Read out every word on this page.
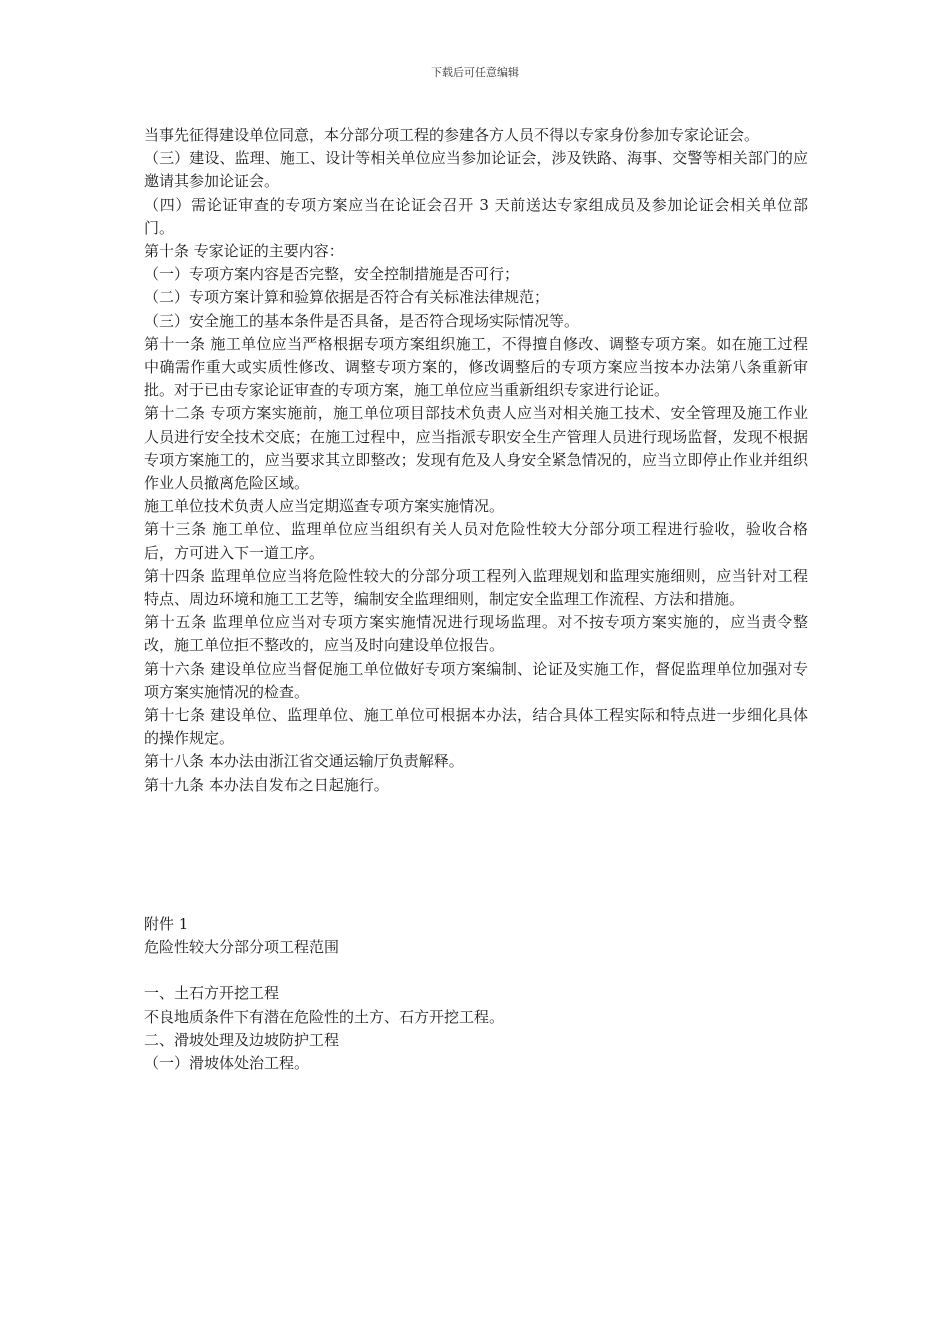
下载后可任意编辑

当事先征得建设单位同意，本分部分项工程的参建各方人员不得以专家身份参加专家论证会。

（三）建设、监理、施工、设计等相关单位应当参加论证会，涉及铁路、海事、交警等相关部门的应邀请其参加论证会。

（四）需论证审查的专项方案应当在论证会召开 3 天前送达专家组成员及参加论证会相关单位部门。

第十条 专家论证的主要内容：

（一）专项方案内容是否完整，安全控制措施是否可行；

（二）专项方案计算和验算依据是否符合有关标准法律规范；

（三）安全施工的基本条件是否具备，是否符合现场实际情况等。

第十一条 施工单位应当严格根据专项方案组织施工，不得擅自修改、调整专项方案。如在施工过程中确需作重大或实质性修改、调整专项方案的，修改调整后的专项方案应当按本办法第八条重新审批。对于已由专家论证审查的专项方案，施工单位应当重新组织专家进行论证。

第十二条 专项方案实施前，施工单位项目部技术负责人应当对相关施工技术、安全管理及施工作业人员进行安全技术交底；在施工过程中，应当指派专职安全生产管理人员进行现场监督，发现不根据专项方案施工的，应当要求其立即整改；发现有危及人身安全紧急情况的，应当立即停止作业并组织作业人员撤离危险区域。

施工单位技术负责人应当定期巡查专项方案实施情况。

第十三条 施工单位、监理单位应当组织有关人员对危险性较大分部分项工程进行验收，验收合格后，方可进入下一道工序。

第十四条 监理单位应当将危险性较大的分部分项工程列入监理规划和监理实施细则，应当针对工程特点、周边环境和施工工艺等，编制安全监理细则，制定安全监理工作流程、方法和措施。

第十五条 监理单位应当对专项方案实施情况进行现场监理。对不按专项方案实施的，应当责令整改，施工单位拒不整改的，应当及时向建设单位报告。

第十六条 建设单位应当督促施工单位做好专项方案编制、论证及实施工作，督促监理单位加强对专项方案实施情况的检查。

第十七条 建设单位、监理单位、施工单位可根据本办法，结合具体工程实际和特点进一步细化具体的操作规定。

第十八条 本办法由浙江省交通运输厅负责解释。

第十九条 本办法自发布之日起施行。

附件 1

危险性较大分部分项工程范围

一、土石方开挖工程

不良地质条件下有潜在危险性的土方、石方开挖工程。

二、滑坡处理及边坡防护工程

（一）滑坡体处治工程。
